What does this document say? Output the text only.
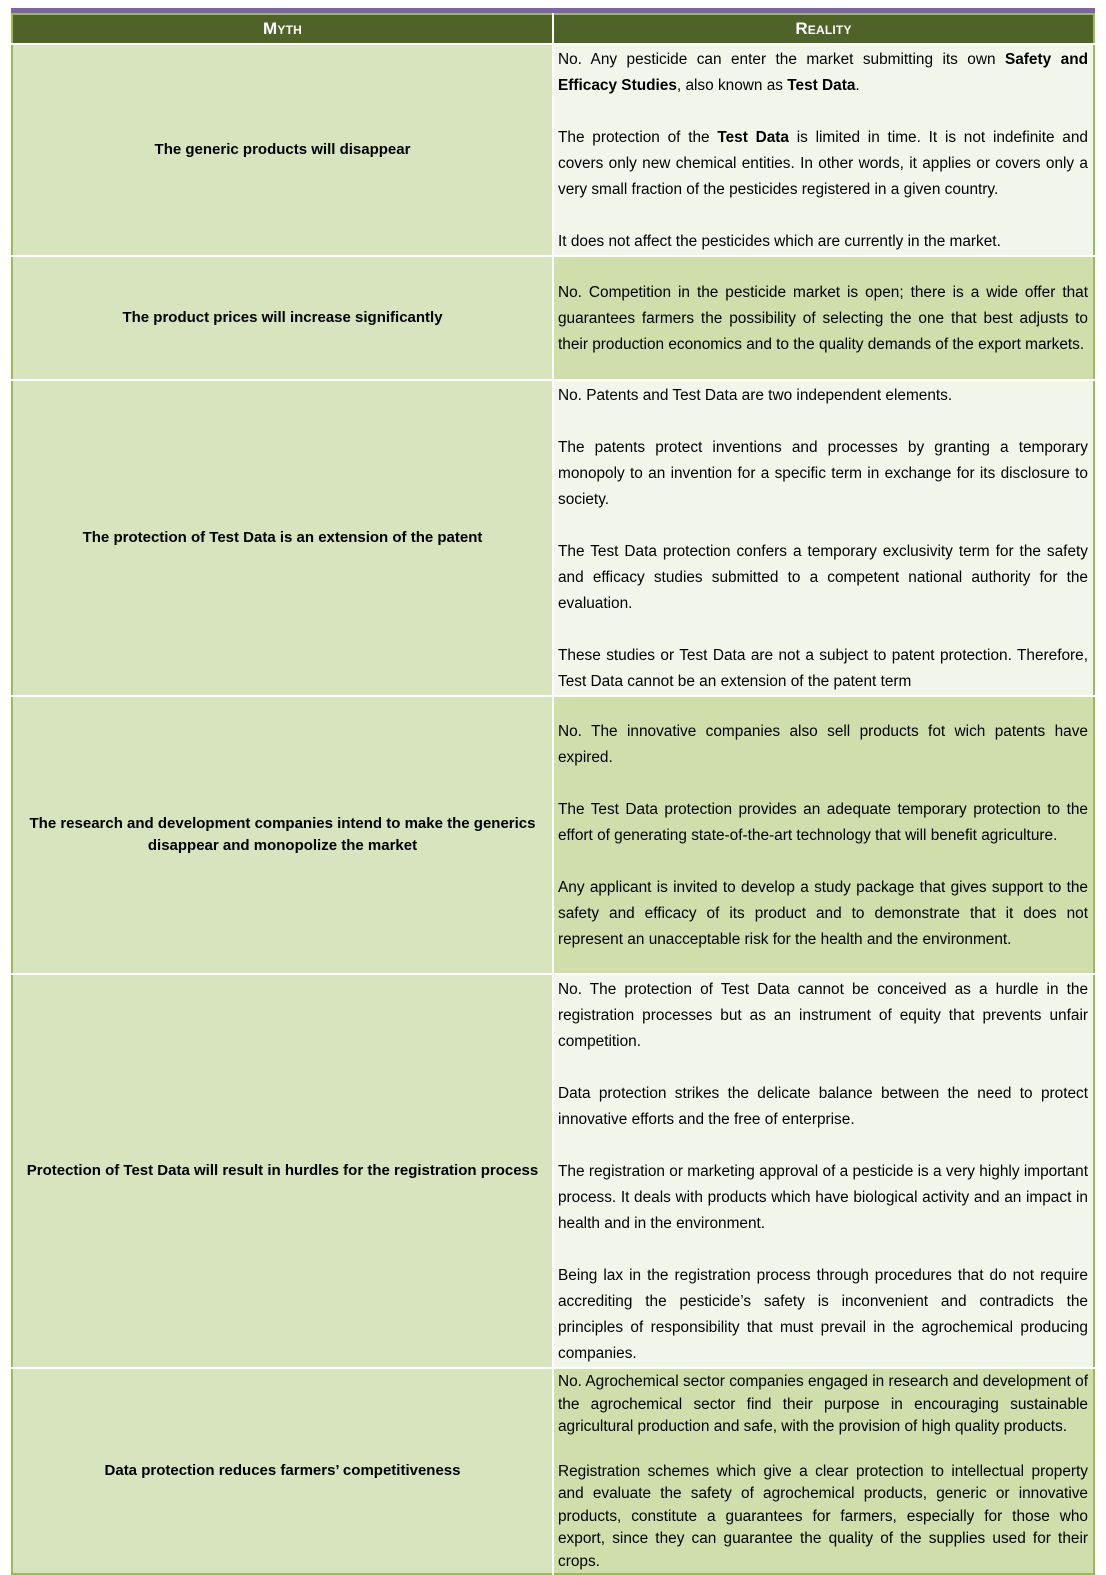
Myth	Reality
The generic products will disappear	No. Any pesticide can enter the market submitting its own Safety and Efficacy Studies, also known as Test Data.

The protection of the Test Data is limited in time. It is not indefinite and covers only new chemical entities. In other words, it applies or covers only a very small fraction of the pesticides registered in a given country.

It does not affect the pesticides which are currently in the market.

The product prices will increase significantly	No. Competition in the pesticide market is open; there is a wide offer that guarantees farmers the possibility of selecting the one that best adjusts to their production economics and to the quality demands of the export markets.

The protection of Test Data is an extension of the patent	No. Patents and Test Data are two independent elements.

The patents protect inventions and processes by granting a temporary monopoly to an invention for a specific term in exchange for its disclosure to society.

The Test Data protection confers a temporary exclusivity term for the safety and efficacy studies submitted to a competent national authority for the evaluation.

These studies or Test Data are not a subject to patent protection. Therefore, Test Data cannot be an extension of the patent term

The research and development companies intend to make the generics disappear and monopolize the market	No. The innovative companies also sell products fot wich patents have expired.

The Test Data protection provides an adequate temporary protection to the effort of generating state-of-the-art technology that will benefit agriculture.

Any applicant is invited to develop a study package that gives support to the safety and efficacy of its product and to demonstrate that it does not represent an unacceptable risk for the health and the environment.

Protection of Test Data will result in hurdles for the registration process	No. The protection of Test Data cannot be conceived as a hurdle in the registration processes but as an instrument of equity that prevents unfair competition.

Data protection strikes the delicate balance between the need to protect innovative efforts and the free of enterprise.

The registration or marketing approval of a pesticide is a very highly important process. It deals with products which have biological activity and an impact in health and in the environment.

Being lax in the registration process through procedures that do not require accrediting the pesticide’s safety is inconvenient and contradicts the principles of responsibility that must prevail in the agrochemical producing companies.

Data protection reduces farmers’ competitiveness	No. Agrochemical sector companies engaged in research and development of the agrochemical sector find their purpose in encouraging sustainable agricultural production and safe, with the provision of high quality products.

Registration schemes which give a clear protection to intellectual property and evaluate the safety of agrochemical products, generic or innovative products, constitute a guarantees for farmers, especially for those who export, since they can guarantee the quality of the supplies used for their crops.
